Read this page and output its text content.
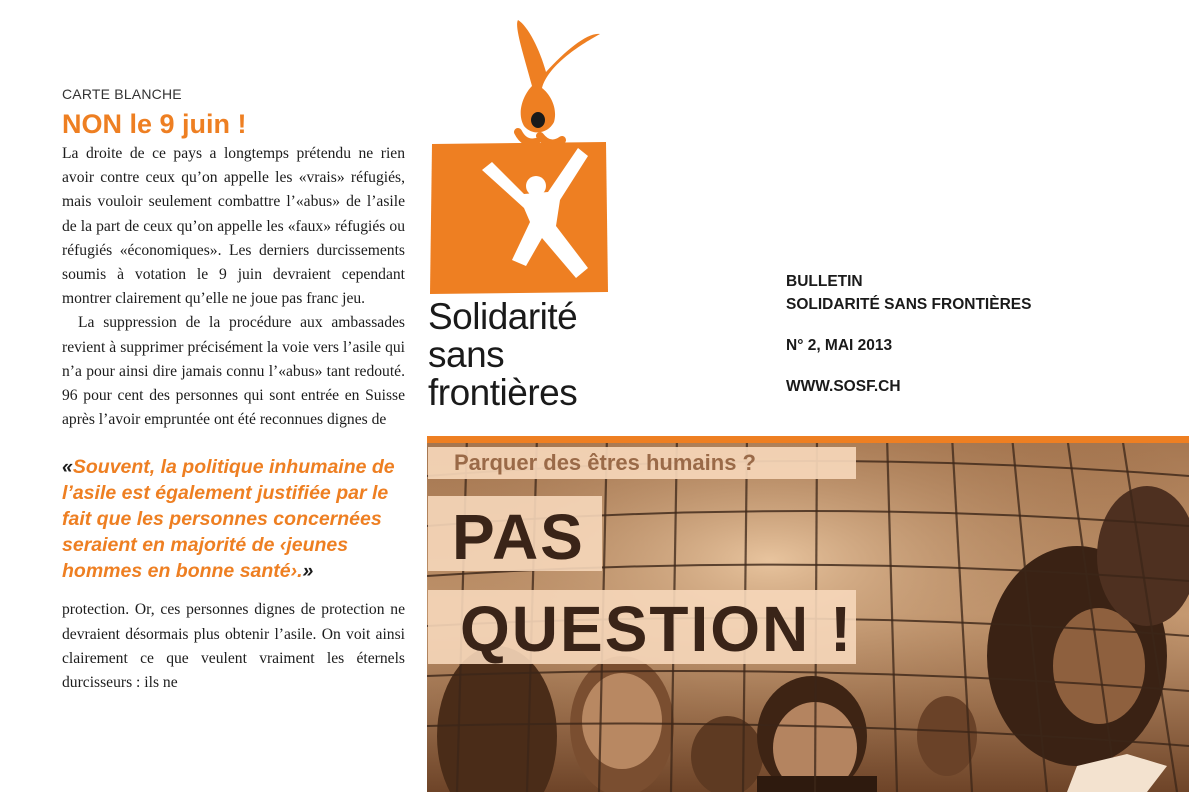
CARTE BLANCHE

NON le 9 juin !

La droite de ce pays a longtemps prétendu ne rien avoir contre ceux qu’on appelle les «vrais» réfugiés, mais vouloir seulement combattre l’«abus» de l’asile de la part de ceux qu’on appelle les «faux» réfugiés ou réfugiés «économiques». Les derniers durcissements soumis à votation le 9 juin devraient cependant montrer clairement qu’elle ne joue pas franc jeu.

La suppression de la procédure aux ambassades revient à supprimer précisément la voie vers l’asile qui n’a pour ainsi dire jamais connu l’«abus» tant redouté. 96 pour cent des personnes qui sont entrée en Suisse après l’avoir empruntée ont été reconnues dignes de

«Souvent, la politique inhumaine de l’asile est également justifiée par le fait que les personnes concernées seraient en majorité de ‹jeunes hommes en bonne santé›.»

protection. Or, ces personnes dignes de protection ne devraient désormais plus obtenir l’asile. On voit ainsi clairement ce que veulent vraiment les éternels durcisseurs : ils ne

Solidarité
sans
frontières
BULLETIN
SOLIDARITÉ SANS FRONTIÈRES
N° 2, MAI 2013
WWW.SOSF.CH
Parquer des êtres humains ?
PAS
QUESTION !
